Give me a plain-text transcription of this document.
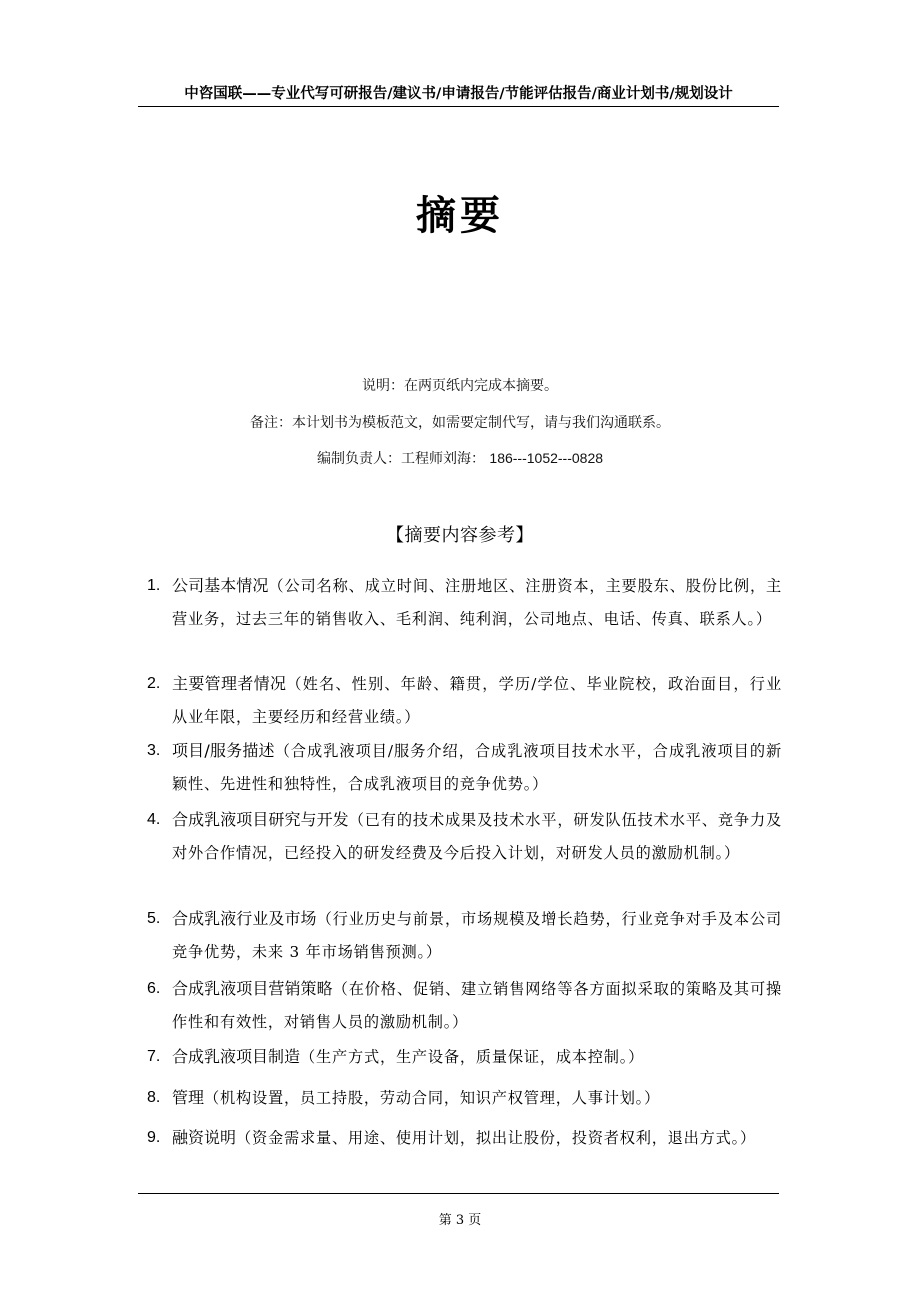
中咨国联——专业代写可研报告/建议书/申请报告/节能评估报告/商业计划书/规划设计
摘要
说明：在两页纸内完成本摘要。
备注：本计划书为模板范文，如需要定制代写，请与我们沟通联系。
编制负责人：工程师刘海： 186---1052---0828
【摘要内容参考】
1. 公司基本情况（公司名称、成立时间、注册地区、注册资本，主要股东、股份比例，主营业务，过去三年的销售收入、毛利润、纯利润，公司地点、电话、传真、联系人。）
2. 主要管理者情况（姓名、性别、年龄、籍贯，学历/学位、毕业院校，政治面目，行业从业年限，主要经历和经营业绩。）
3. 项目/服务描述（合成乳液项目/服务介绍，合成乳液项目技术水平，合成乳液项目的新颖性、先进性和独特性，合成乳液项目的竞争优势。）
4. 合成乳液项目研究与开发（已有的技术成果及技术水平，研发队伍技术水平、竞争力及对外合作情况，已经投入的研发经费及今后投入计划，对研发人员的激励机制。）
5. 合成乳液行业及市场（行业历史与前景，市场规模及增长趋势，行业竞争对手及本公司竞争优势，未来 3 年市场销售预测。）
6. 合成乳液项目营销策略（在价格、促销、建立销售网络等各方面拟采取的策略及其可操作性和有效性，对销售人员的激励机制。）
7. 合成乳液项目制造（生产方式，生产设备，质量保证，成本控制。）
8. 管理（机构设置，员工持股，劳动合同，知识产权管理，人事计划。）
9. 融资说明（资金需求量、用途、使用计划，拟出让股份，投资者权利，退出方式。）
第 3 页
